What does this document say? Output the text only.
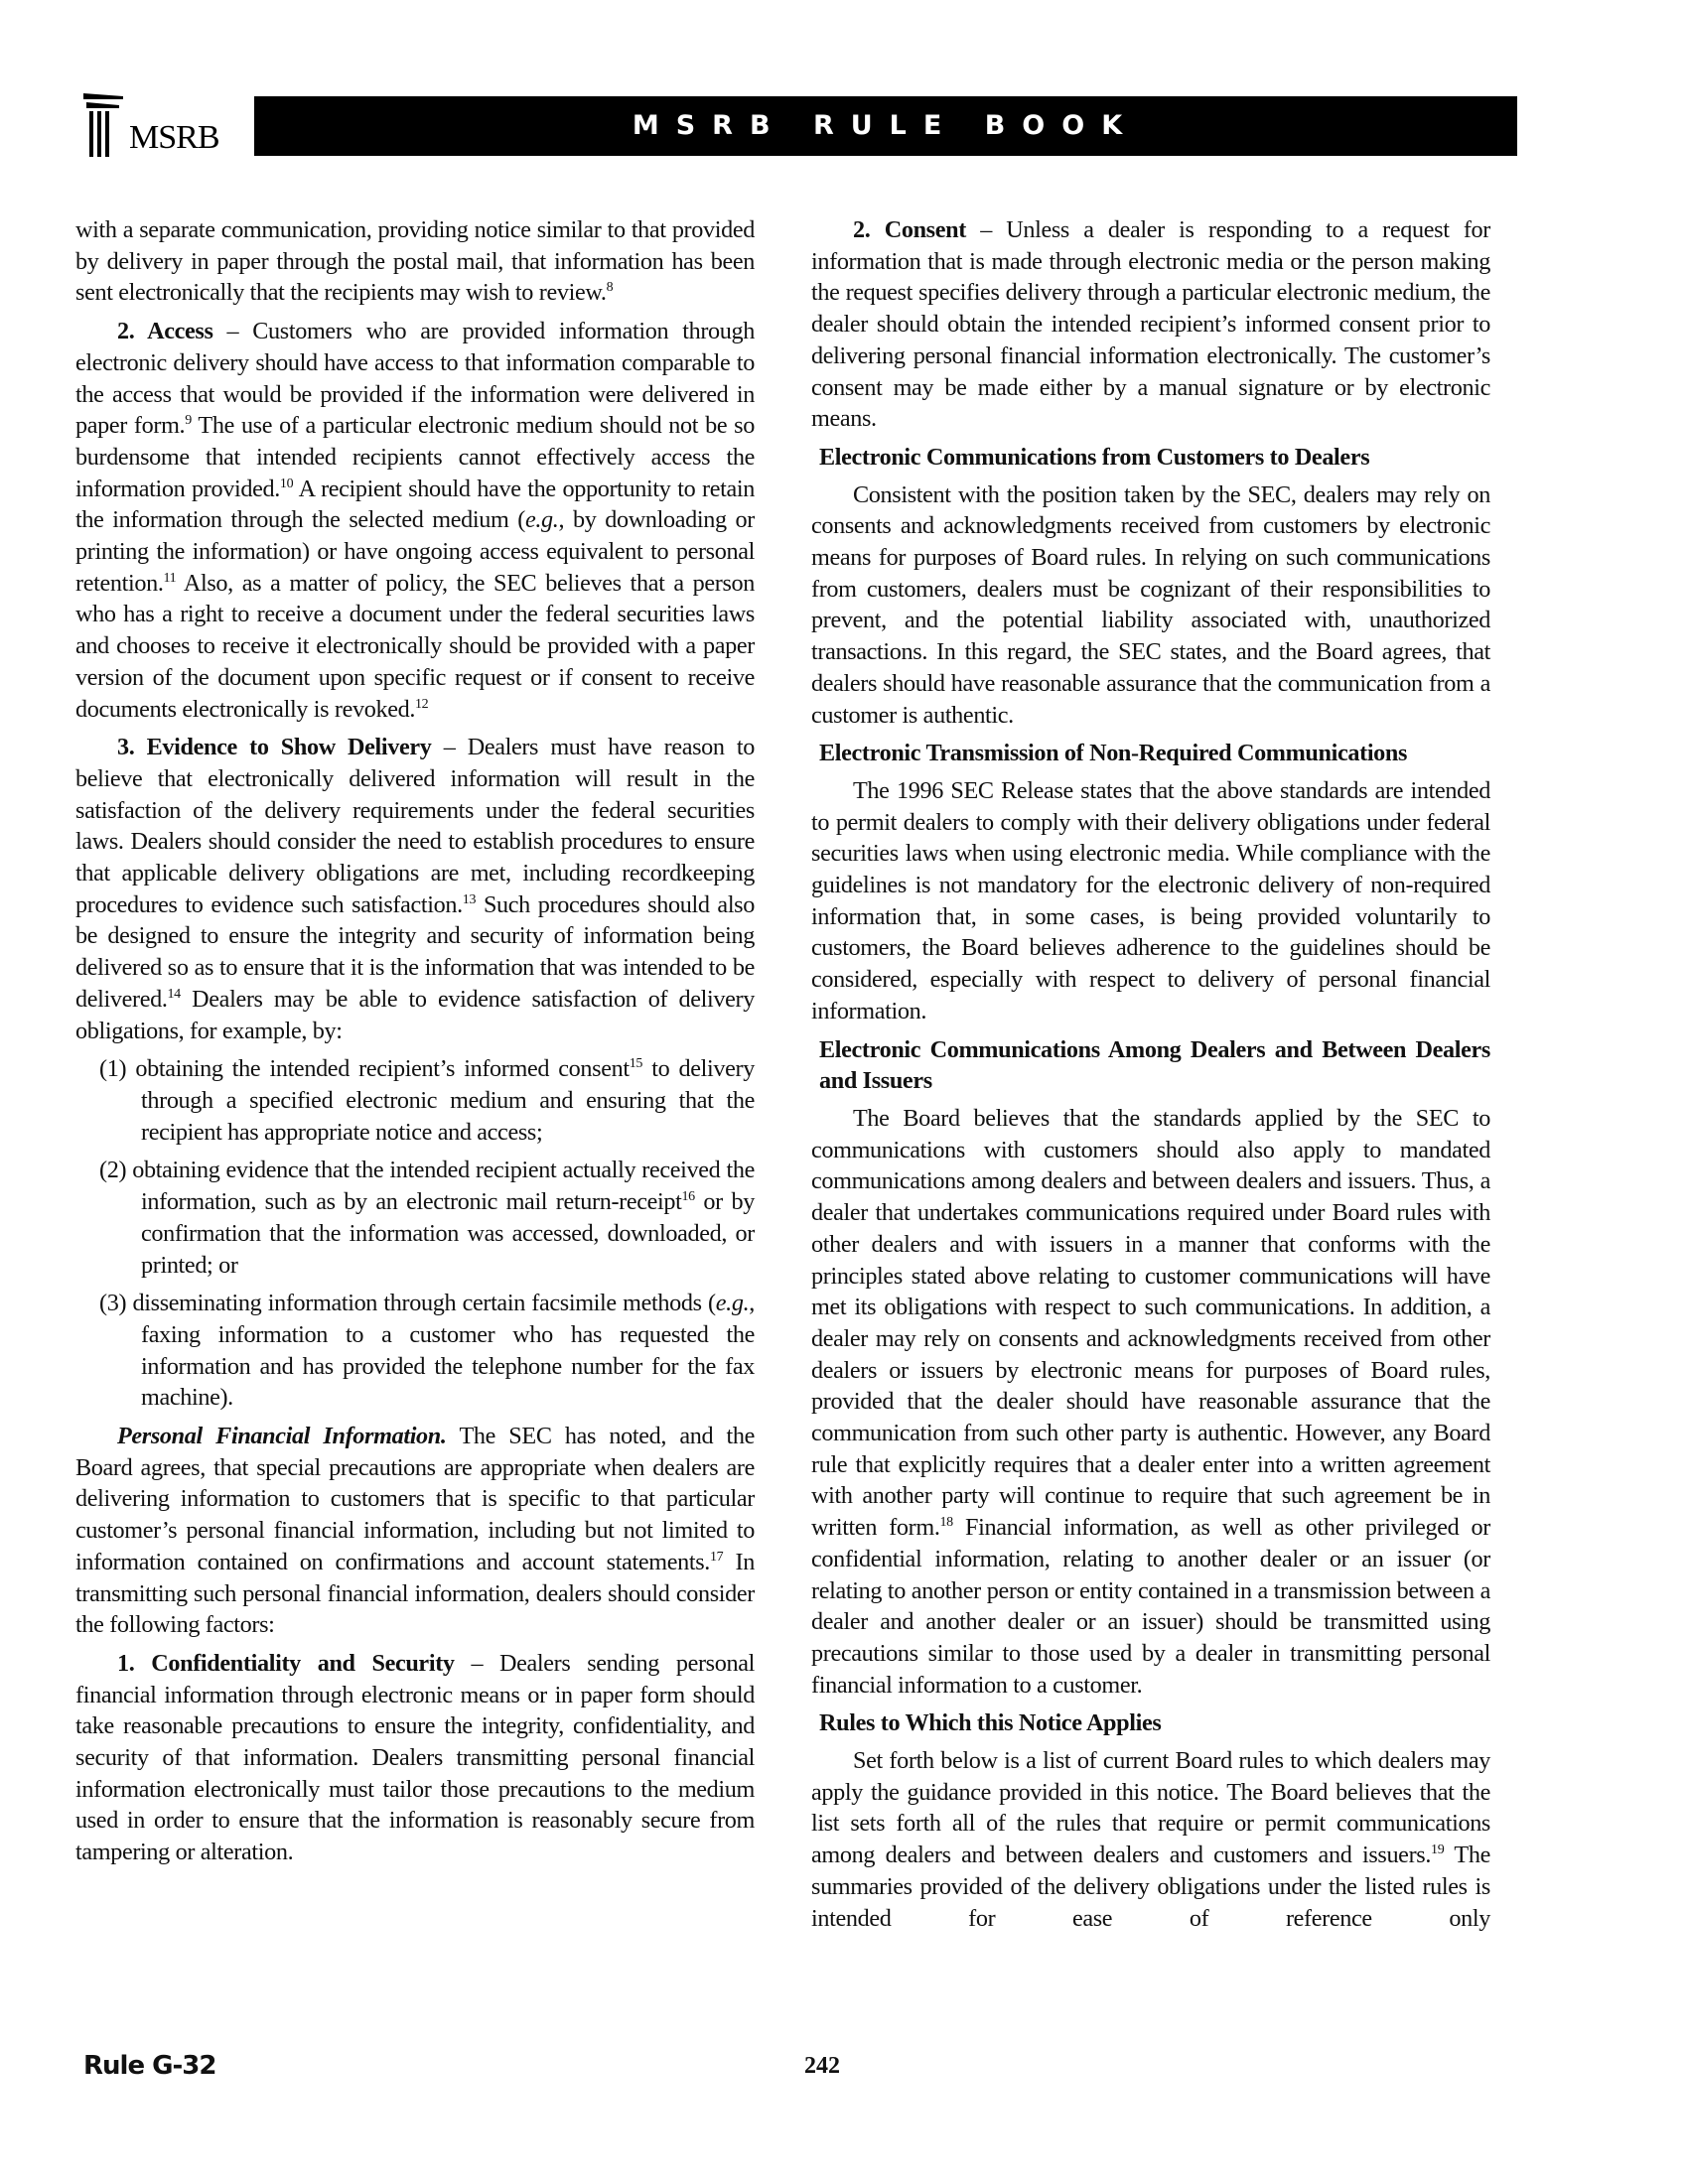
MSRB	MSRB RULE BOOK
with a separate communication, providing notice similar to that provided by delivery in paper through the postal mail, that information has been sent electronically that the recipients may wish to review.$^8$
2. Access – Customers who are provided information through electronic delivery should have access to that information comparable to the access that would be provided if the information were delivered in paper form.$^9$ The use of a particular electronic medium should not be so burdensome that intended recipients cannot effectively access the information provided.$^{10}$ A recipient should have the opportunity to retain the information through the selected medium (e.g., by downloading or printing the information) or have ongoing access equivalent to personal retention.$^{11}$ Also, as a matter of policy, the SEC believes that a person who has a right to receive a document under the federal securities laws and chooses to receive it electronically should be provided with a paper version of the document upon specific request or if consent to receive documents electronically is revoked.$^{12}$
3. Evidence to Show Delivery – Dealers must have reason to believe that electronically delivered information will result in the satisfaction of the delivery requirements under the federal securities laws. Dealers should consider the need to establish procedures to ensure that applicable delivery obligations are met, including recordkeeping procedures to evidence such satisfaction.$^{13}$ Such procedures should also be designed to ensure the integrity and security of information being delivered so as to ensure that it is the information that was intended to be delivered.$^{14}$ Dealers may be able to evidence satisfaction of delivery obligations, for example, by:
(1) obtaining the intended recipient’s informed consent$^{15}$ to delivery through a specified electronic medium and ensuring that the recipient has appropriate notice and access;
(2) obtaining evidence that the intended recipient actually received the information, such as by an electronic mail return-receipt$^{16}$ or by confirmation that the information was accessed, downloaded, or printed; or
(3) disseminating information through certain facsimile methods (e.g., faxing information to a customer who has requested the information and has provided the telephone number for the fax machine).
Personal Financial Information. The SEC has noted, and the Board agrees, that special precautions are appropriate when dealers are delivering information to customers that is specific to that particular customer’s personal financial information, including but not limited to information contained on confirmations and account statements.$^{17}$ In transmitting such personal financial information, dealers should consider the following factors:
1. Confidentiality and Security – Dealers sending personal financial information through electronic means or in paper form should take reasonable precautions to ensure the integrity, confidentiality, and security of that information. Dealers transmitting personal financial information electronically must tailor those precautions to the medium used in order to ensure that the information is reasonably secure from tampering or alteration.
2. Consent – Unless a dealer is responding to a request for information that is made through electronic media or the person making the request specifies delivery through a particular electronic medium, the dealer should obtain the intended recipient’s informed consent prior to delivering personal financial information electronically. The customer’s consent may be made either by a manual signature or by electronic means.
Electronic Communications from Customers to Dealers
Consistent with the position taken by the SEC, dealers may rely on consents and acknowledgments received from customers by electronic means for purposes of Board rules. In relying on such communications from customers, dealers must be cognizant of their responsibilities to prevent, and the potential liability associated with, unauthorized transactions. In this regard, the SEC states, and the Board agrees, that dealers should have reasonable assurance that the communication from a customer is authentic.
Electronic Transmission of Non-Required Communications
The 1996 SEC Release states that the above standards are intended to permit dealers to comply with their delivery obligations under federal securities laws when using electronic media. While compliance with the guidelines is not mandatory for the electronic delivery of non-required information that, in some cases, is being provided voluntarily to customers, the Board believes adherence to the guidelines should be considered, especially with respect to delivery of personal financial information.
Electronic Communications Among Dealers and Between Dealers and Issuers
The Board believes that the standards applied by the SEC to communications with customers should also apply to mandated communications among dealers and between dealers and issuers. Thus, a dealer that undertakes communications required under Board rules with other dealers and with issuers in a manner that conforms with the principles stated above relating to customer communications will have met its obligations with respect to such communications. In addition, a dealer may rely on consents and acknowledgments received from other dealers or issuers by electronic means for purposes of Board rules, provided that the dealer should have reasonable assurance that the communication from such other party is authentic. However, any Board rule that explicitly requires that a dealer enter into a written agreement with another party will continue to require that such agreement be in written form.$^{18}$ Financial information, as well as other privileged or confidential information, relating to another dealer or an issuer (or relating to another person or entity contained in a transmission between a dealer and another dealer or an issuer) should be transmitted using precautions similar to those used by a dealer in transmitting personal financial information to a customer.
Rules to Which this Notice Applies
Set forth below is a list of current Board rules to which dealers may apply the guidance provided in this notice. The Board believes that the list sets forth all of the rules that require or permit communications among dealers and between dealers and customers and issuers.$^{19}$ The summaries provided of the delivery obligations under the listed rules is intended for ease of reference only
Rule G-32	242
